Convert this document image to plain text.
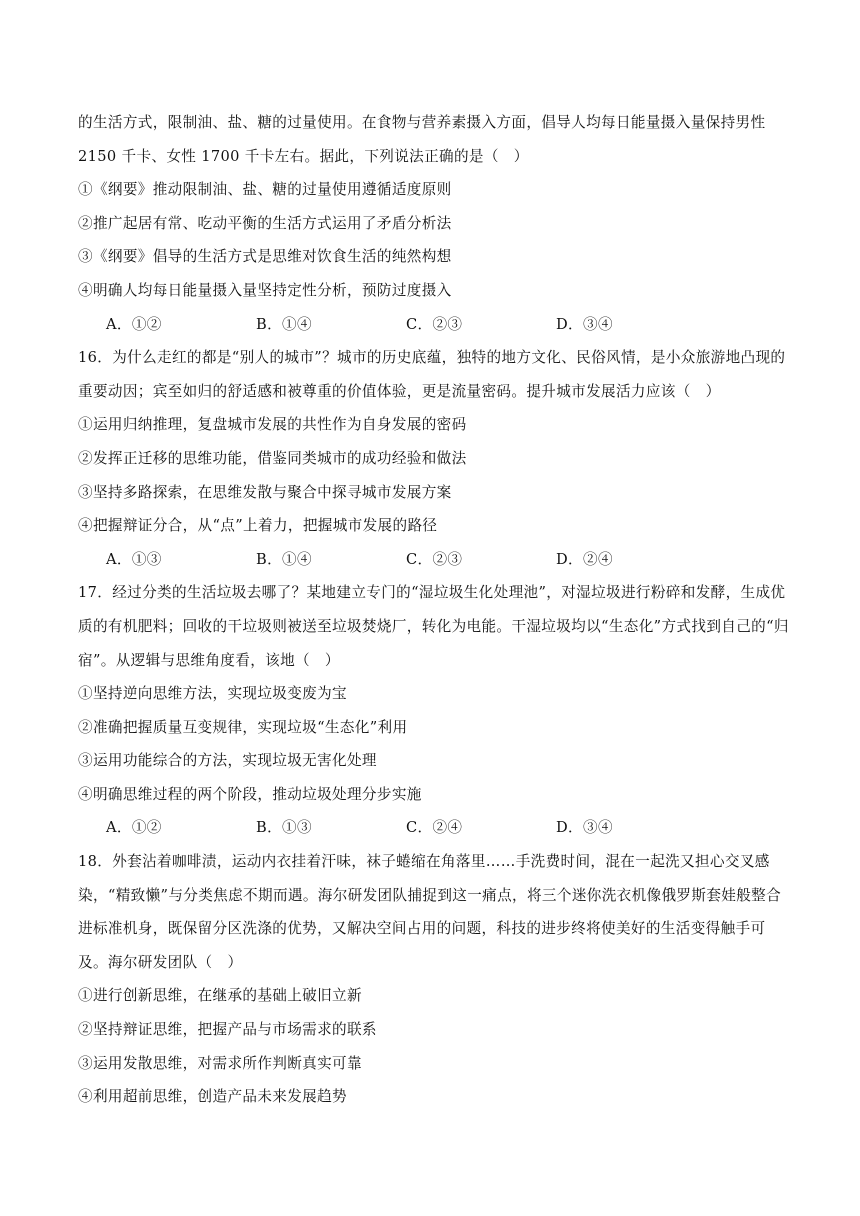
的生活方式，限制油、盐、糖的过量使用。在食物与营养素摄入方面，倡导人均每日能量摄入量保持男性
2150 千卡、女性 1700 千卡左右。据此，下列说法正确的是（　）
①《纲要》推动限制油、盐、糖的过量使用遵循适度原则
②推广起居有常、吃动平衡的生活方式运用了矛盾分析法
③《纲要》倡导的生活方式是思维对饮食生活的纯然构想
④明确人均每日能量摄入量坚持定性分析，预防过度摄入
A．①②	B．①④	C．②③	D．③④
16．为什么走红的都是“别人的城市”？城市的历史底蕴，独特的地方文化、民俗风情，是小众旅游地凸现的
重要动因；宾至如归的舒适感和被尊重的价值体验，更是流量密码。提升城市发展活力应该（　）
①运用归纳推理，复盘城市发展的共性作为自身发展的密码
②发挥正迁移的思维功能，借鉴同类城市的成功经验和做法
③坚持多路探索，在思维发散与聚合中探寻城市发展方案
④把握辩证分合，从“点”上着力，把握城市发展的路径
A．①③	B．①④	C．②③	D．②④
17．经过分类的生活垃圾去哪了？某地建立专门的“湿垃圾生化处理池”，对湿垃圾进行粉碎和发酵，生成优
质的有机肥料；回收的干垃圾则被送至垃圾焚烧厂，转化为电能。干湿垃圾均以“生态化”方式找到自己的“归
宿”。从逻辑与思维角度看，该地（　）
①坚持逆向思维方法，实现垃圾变废为宝
②准确把握质量互变规律，实现垃圾“生态化”利用
③运用功能综合的方法，实现垃圾无害化处理
④明确思维过程的两个阶段，推动垃圾处理分步实施
A．①②	B．①③	C．②④	D．③④
18．外套沾着咖啡渍，运动内衣挂着汗味，袜子蜷缩在角落里……手洗费时间，混在一起洗又担心交叉感
染，“精致懒”与分类焦虑不期而遇。海尔研发团队捕捉到这一痛点，将三个迷你洗衣机像俄罗斯套娃般整合
进标准机身，既保留分区洗涤的优势，又解决空间占用的问题，科技的进步终将使美好的生活变得触手可
及。海尔研发团队（　）
①进行创新思维，在继承的基础上破旧立新
②坚持辩证思维，把握产品与市场需求的联系
③运用发散思维，对需求所作判断真实可靠
④利用超前思维，创造产品未来发展趋势
